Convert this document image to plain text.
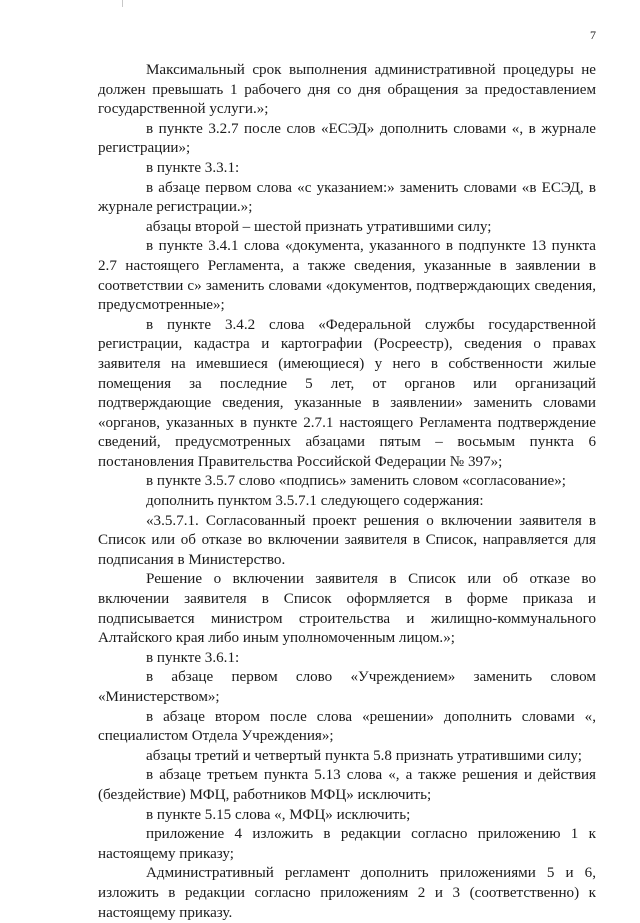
7

Максимальный срок выполнения административной процедуры не должен превышать 1 рабочего дня со дня обращения за предоставлением государственной услуги.»;

в пункте 3.2.7 после слов «ЕСЭД» дополнить словами «, в журнале регистрации»;

в пункте 3.3.1:

в абзаце первом слова «с указанием:» заменить словами «в ЕСЭД, в журнале регистрации.»;

абзацы второй – шестой признать утратившими силу;

в пункте 3.4.1 слова «документа, указанного в подпункте 13 пункта 2.7 настоящего Регламента, а также сведения, указанные в заявлении в соответствии с» заменить словами «документов, подтверждающих сведения, предусмотренные»;

в пункте 3.4.2 слова «Федеральной службы государственной регистрации, кадастра и картографии (Росреестр), сведения о правах заявителя на имевшиеся (имеющиеся) у него в собственности жилые помещения за последние 5 лет, от органов или организаций подтверждающие сведения, указанные в заявлении» заменить словами «органов, указанных в пункте 2.7.1 настоящего Регламента подтверждение сведений, предусмотренных абзацами пятым – восьмым пункта 6 постановления Правительства Российской Федерации № 397»;

в пункте 3.5.7 слово «подпись» заменить словом «согласование»;

дополнить пунктом 3.5.7.1 следующего содержания:

«3.5.7.1. Согласованный проект решения о включении заявителя в Список или об отказе во включении заявителя в Список, направляется для подписания в Министерство.

Решение о включении заявителя в Список или об отказе во включении заявителя в Список оформляется в форме приказа и подписывается министром строительства и жилищно-коммунального Алтайского края либо иным уполномоченным лицом.»;

в пункте 3.6.1:

в абзаце первом слово «Учреждением» заменить словом «Министерством»;

в абзаце втором после слова «решении» дополнить словами «, специалистом Отдела Учреждения»;

абзацы третий и четвертый пункта 5.8 признать утратившими силу;

в абзаце третьем пункта 5.13 слова «, а также решения и действия (бездействие) МФЦ, работников МФЦ» исключить;

в пункте 5.15 слова «, МФЦ» исключить;

приложение 4 изложить в редакции согласно приложению 1 к настоящему приказу;

Административный регламент дополнить приложениями 5 и 6, изложить в редакции согласно приложениям 2 и 3 (соответственно) к настоящему приказу.
